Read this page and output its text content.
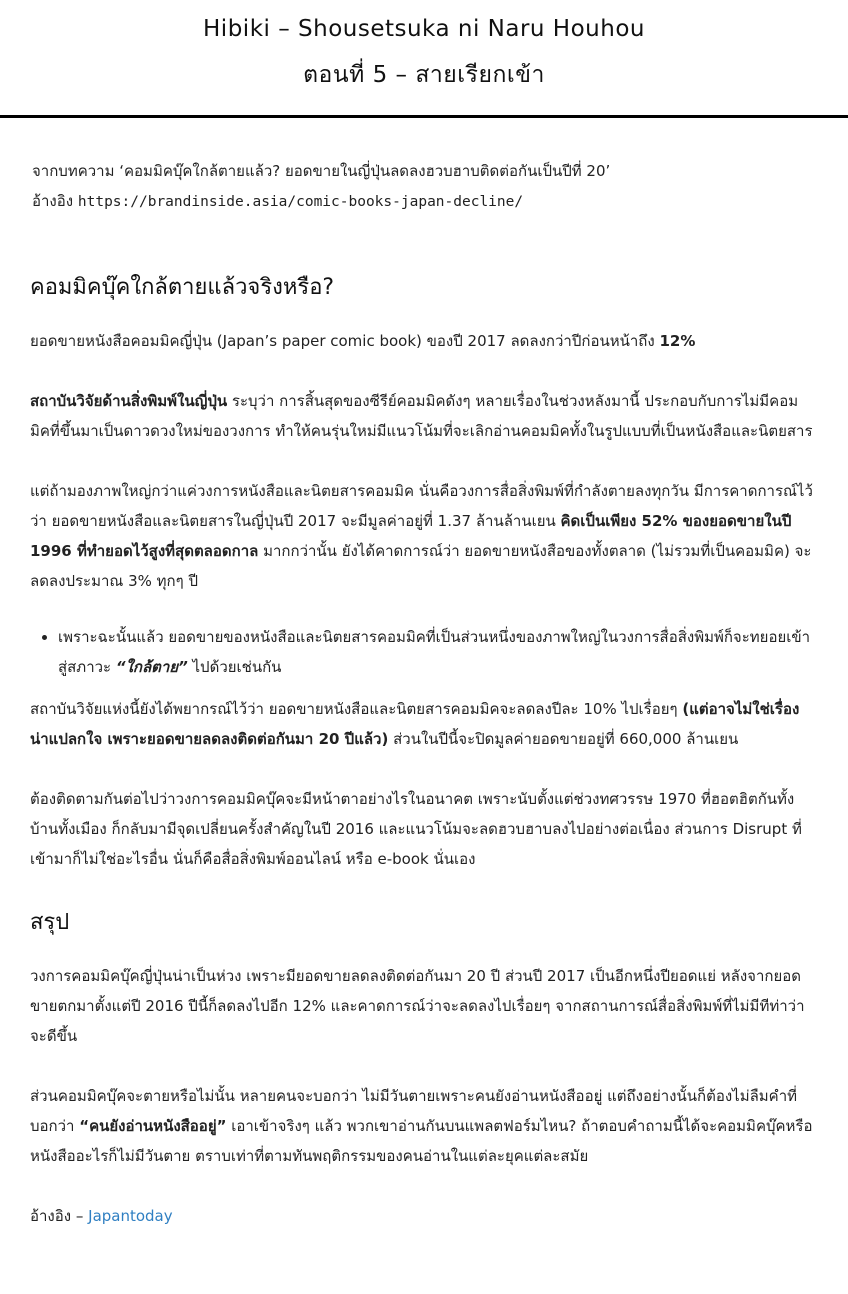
Hibiki – Shousetsuka ni Naru Houhou
ตอนที่ 5 – สายเรียกเข้า
จากบทความ ‘คอมมิคบุ๊คใกล้ตายแล้ว? ยอดขายในญี่ปุ่นลดลงฮวบฮาบติดต่อกันเป็นปีที่ 20’
อ้างอิง https://brandinside.asia/comic-books-japan-decline/
คอมมิคบุ๊คใกล้ตายแล้วจริงหรือ?

ยอดขายหนังสือคอมมิคญี่ปุ่น (Japan’s paper comic book) ของปี 2017 ลดลงกว่าปีก่อนหน้าถึง 12%

สถาบันวิจัยด้านสิ่งพิมพ์ในญี่ปุ่น ระบุว่า การสิ้นสุดของซีรีย์คอมมิคดังๆ หลายเรื่องในช่วงหลังมานี้ ประกอบกับการไม่มีคอมมิคที่ขึ้นมาเป็นดาวดวงใหม่ของวงการ ทำให้คนรุ่นใหม่มีแนวโน้มที่จะเลิกอ่านคอมมิคทั้งในรูปแบบที่เป็นหนังสือและนิตยสาร

แต่ถ้ามองภาพใหญ่กว่าแค่วงการหนังสือและนิตยสารคอมมิค นั่นคือวงการสื่อสิ่งพิมพ์ที่กำลังตายลงทุกวัน มีการคาดการณ์ไว้ว่า ยอดขายหนังสือและนิตยสารในญี่ปุ่นปี 2017 จะมีมูลค่าอยู่ที่ 1.37 ล้านล้านเยน คิดเป็นเพียง 52% ของยอดขายในปี 1996 ที่ทำยอดไว้สูงที่สุดตลอดกาล มากกว่านั้น ยังได้คาดการณ์ว่า ยอดขายหนังสือของทั้งตลาด (ไม่รวมที่เป็นคอมมิค) จะลดลงประมาณ 3% ทุกๆ ปี

• เพราะฉะนั้นแล้ว ยอดขายของหนังสือและนิตยสารคอมมิคที่เป็นส่วนหนึ่งของภาพใหญ่ในวงการสื่อสิ่งพิมพ์ก็จะทยอยเข้าสู่สภาวะ “ใกล้ตาย” ไปด้วยเช่นกัน

สถาบันวิจัยแห่งนี้ยังได้พยากรณ์ไว้ว่า ยอดขายหนังสือและนิตยสารคอมมิคจะลดลงปีละ 10% ไปเรื่อยๆ (แต่อาจไม่ใช่เรื่องน่าแปลกใจ เพราะยอดขายลดลงติดต่อกันมา 20 ปีแล้ว) ส่วนในปีนี้จะปิดมูลค่ายอดขายอยู่ที่ 660,000 ล้านเยน

ต้องติดตามกันต่อไปว่าวงการคอมมิคบุ๊คจะมีหน้าตาอย่างไรในอนาคต เพราะนับตั้งแต่ช่วงทศวรรษ 1970 ที่ฮอตฮิตกันทั้งบ้านทั้งเมือง ก็กลับมามีจุดเปลี่ยนครั้งสำคัญในปี 2016 และแนวโน้มจะลดฮวบฮาบลงไปอย่างต่อเนื่อง ส่วนการ Disrupt ที่เข้ามาก็ไม่ใช่อะไรอื่น นั่นก็คือสื่อสิ่งพิมพ์ออนไลน์ หรือ e-book นั่นเอง

สรุป

วงการคอมมิคบุ๊คญี่ปุ่นน่าเป็นห่วง เพราะมียอดขายลดลงติดต่อกันมา 20 ปี ส่วนปี 2017 เป็นอีกหนึ่งปียอดแย่ หลังจากยอดขายตกมาตั้งแต่ปี 2016 ปีนี้ก็ลดลงไปอีก 12% และคาดการณ์ว่าจะลดลงไปเรื่อยๆ จากสถานการณ์สื่อสิ่งพิมพ์ที่ไม่มีทีท่าว่าจะดีขึ้น

ส่วนคอมมิคบุ๊คจะตายหรือไม่นั้น หลายคนจะบอกว่า ไม่มีวันตายเพราะคนยังอ่านหนังสืออยู่ แต่ถึงอย่างนั้นก็ต้องไม่ลืมคำที่บอกว่า “คนยังอ่านหนังสืออยู่” เอาเข้าจริงๆ แล้ว พวกเขาอ่านกันบนแพลตฟอร์มไหน? ถ้าตอบคำถามนี้ได้จะคอมมิคบุ๊คหรือหนังสืออะไรก็ไม่มีวันตาย ตราบเท่าที่ตามทันพฤติกรรมของคนอ่านในแต่ละยุคแต่ละสมัย

อ้างอิง – Japantoday
